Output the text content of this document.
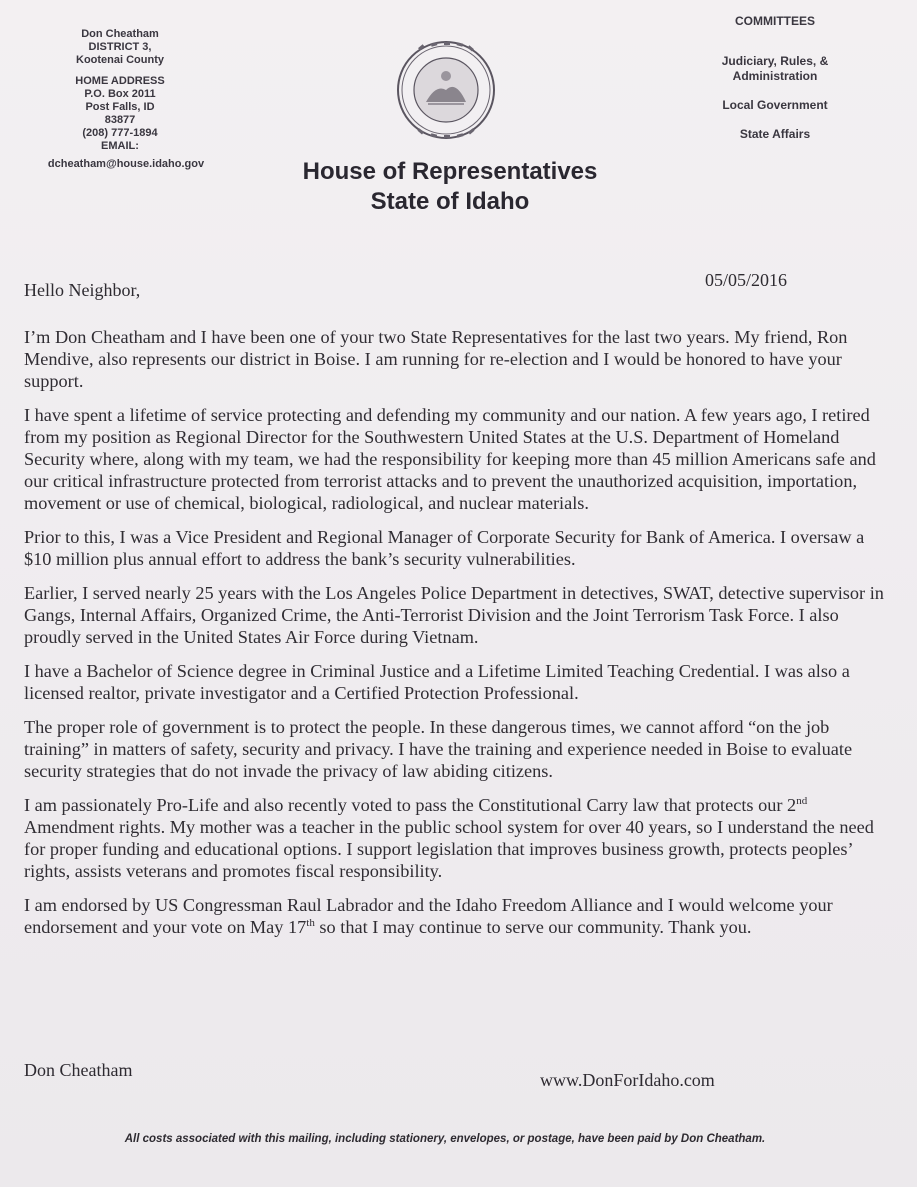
Don Cheatham
DISTRICT 3,
Kootenai County
HOME ADDRESS
P.O. Box 2011
Post Falls, ID
83877
(208) 777-1894
EMAIL:
dcheatham@house.idaho.gov
COMMITTEES
Judiciary, Rules, & Administration
Local Government
State Affairs
House of Representatives
State of Idaho
Hello Neighbor,	05/05/2016

I’m Don Cheatham and I have been one of your two State Representatives for the last two years. My friend, Ron Mendive, also represents our district in Boise. I am running for re-election and I would be honored to have your support.

I have spent a lifetime of service protecting and defending my community and our nation. A few years ago, I retired from my position as Regional Director for the Southwestern United States at the U.S. Department of Homeland Security where, along with my team, we had the responsibility for keeping more than 45 million Americans safe and our critical infrastructure protected from terrorist attacks and to prevent the unauthorized acquisition, importation, movement or use of chemical, biological, radiological, and nuclear materials.

Prior to this, I was a Vice President and Regional Manager of Corporate Security for Bank of America. I oversaw a $10 million plus annual effort to address the bank’s security vulnerabilities.

Earlier, I served nearly 25 years with the Los Angeles Police Department in detectives, SWAT, detective supervisor in Gangs, Internal Affairs, Organized Crime, the Anti-Terrorist Division and the Joint Terrorism Task Force. I also proudly served in the United States Air Force during Vietnam.

I have a Bachelor of Science degree in Criminal Justice and a Lifetime Limited Teaching Credential. I was also a licensed realtor, private investigator and a Certified Protection Professional.

The proper role of government is to protect the people. In these dangerous times, we cannot afford “on the job training” in matters of safety, security and privacy. I have the training and experience needed in Boise to evaluate security strategies that do not invade the privacy of law abiding citizens.

I am passionately Pro-Life and also recently voted to pass the Constitutional Carry law that protects our 2nd Amendment rights. My mother was a teacher in the public school system for over 40 years, so I understand the need for proper funding and educational options. I support legislation that improves business growth, protects peoples’ rights, assists veterans and promotes fiscal responsibility.

I am endorsed by US Congressman Raul Labrador and the Idaho Freedom Alliance and I would welcome your endorsement and your vote on May 17th so that I may continue to serve our community. Thank you.

Don Cheatham	www.DonForIdaho.com
All costs associated with this mailing, including stationery, envelopes, or postage, have been paid by Don Cheatham.
